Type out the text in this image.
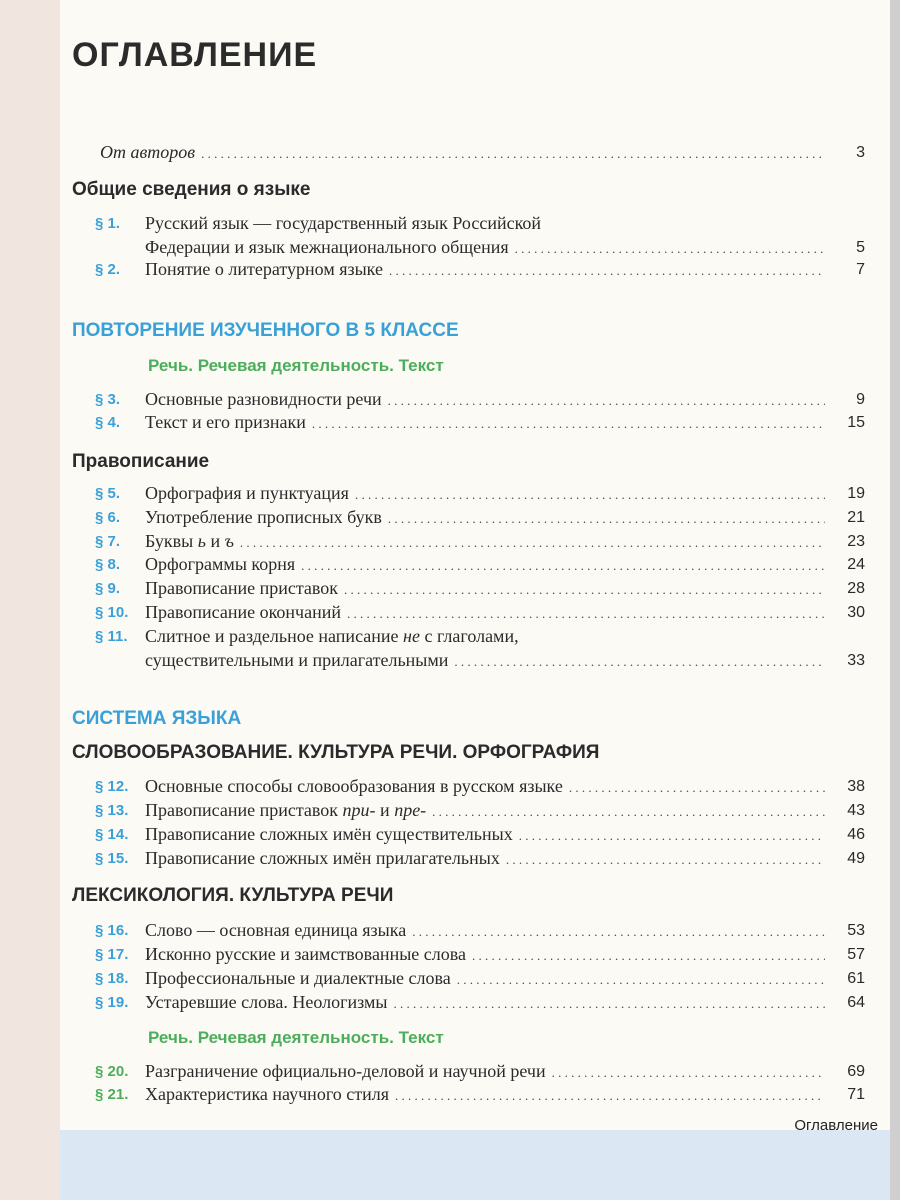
ОГЛАВЛЕНИЕ
Оглавление
Общие сведения о языке
ПОВТОРЕНИЕ ИЗУЧЕННОГО В 5 КЛАССЕ
Речь. Речевая деятельность. Текст
Правописание
СИСТЕМА ЯЗЫКА
СЛОВООБРАЗОВАНИЕ. КУЛЬТУРА РЕЧИ. ОРФОГРАФИЯ
ЛЕКСИКОЛОГИЯ. КУЛЬТУРА РЕЧИ
Речь. Речевая деятельность. Текст
От авторов . . .	3
§ 1. Русский язык — государственный язык Российской
Федерации и язык межнационального общения . . .	5
§ 2. Понятие о литературном языке . . .	7
§ 3. Основные разновидности речи . . .	9
§ 4. Текст и его признаки . . .	15
§ 5. Орфография и пунктуация . . .	19
§ 6. Употребление прописных букв . . .	21
§ 7. Буквы ь и ъ . . .	23
§ 8. Орфограммы корня . . .	24
§ 9. Правописание приставок . . .	28
§ 10. Правописание окончаний . . .	30
§ 11. Слитное и раздельное написание не с глаголами,
существительными и прилагательными . . .	33
§ 12. Основные способы словообразования в русском языке . . .	38
§ 13. Правописание приставок при- и пре- . . .	43
§ 14. Правописание сложных имён существительных . . .	46
§ 15. Правописание сложных имён прилагательных . . .	49
§ 16. Слово — основная единица языка . . .	53
§ 17. Исконно русские и заимствованные слова . . .	57
§ 18. Профессиональные и диалектные слова . . .	61
§ 19. Устаревшие слова. Неологизмы . . .	64
§ 20. Разграничение официально-деловой и научной речи . . .	69
§ 21. Характеристика научного стиля . . .	71
